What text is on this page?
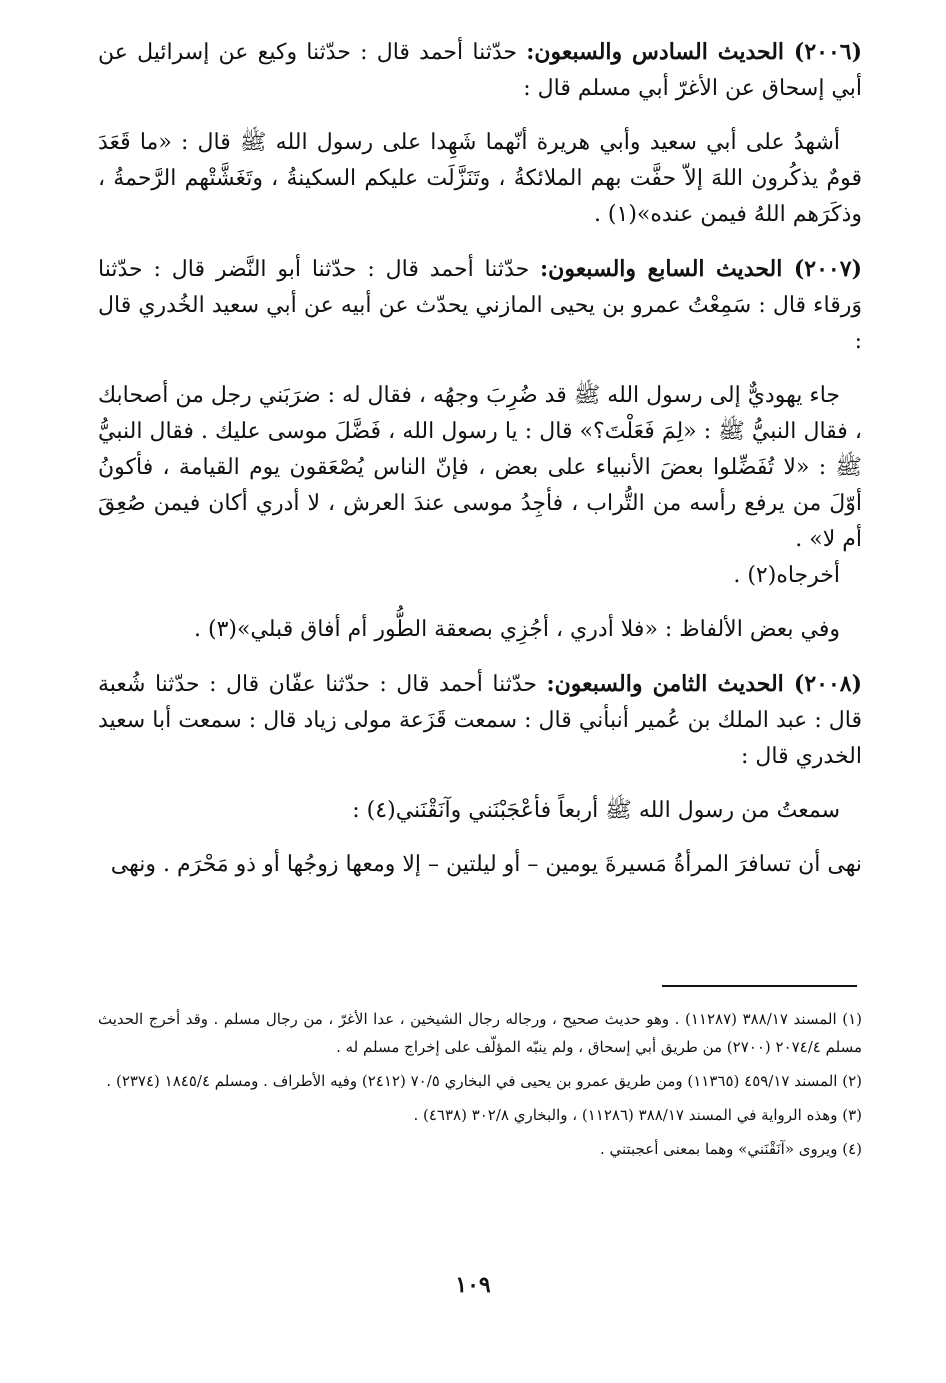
(٢٠٠٦) الحديث السادس والسبعون: حدّثنا أحمد قال : حدّثنا وكيع عن إسرائيل عن أبي إسحاق عن الأغرّ أبي مسلم قال :

أشهدُ على أبي سعيد وأبي هريرة أنّهما شَهِدا على رسول الله ﷺ قال : «ما قَعَدَ قومٌ يذكُرون اللهَ إلاّ حفَّت بهم الملائكةُ ، وتَنَزَّلَت عليكم السكينةُ ، وتَغَشَّتْهم الرَّحمةُ ، وذكَرَهم اللهُ فيمن عنده»(١) .

(٢٠٠٧) الحديث السابع والسبعون: حدّثنا أحمد قال : حدّثنا أبو النَّضر قال : حدّثنا وَرقاء قال : سَمِعْتُ عمرو بن يحيى المازني يحدّث عن أبيه عن أبي سعيد الخُدري قال :

جاء يهوديٌّ إلى رسول الله ﷺ قد ضُرِبَ وجهُه ، فقال له : ضرَبَني رجل من أصحابك ، فقال النبيُّ ﷺ : «لِمَ فَعَلْتَ؟» قال : يا رسول الله ، فَضَّلَ موسى عليك . فقال النبيُّ ﷺ : «لا تُفَضِّلوا بعضَ الأنبياء على بعض ، فإنّ الناس يُصْعَقون يوم القيامة ، فأكونُ أوّلَ من يرفع رأسه من التُّراب ، فأجِدُ موسى عندَ العرش ، لا أدري أكان فيمن صُعِقَ أم لا» .

أخرجاه(٢) .

وفي بعض الألفاظ : «فلا أدري ، أجُزِي بصعقة الطُّور أم أفاق قبلي»(٣) .

(٢٠٠٨) الحديث الثامن والسبعون: حدّثنا أحمد قال : حدّثنا عفّان قال : حدّثنا شُعبة قال : عبد الملك بن عُمير أنبأني قال : سمعت قَزَعة مولى زياد قال : سمعت أبا سعيد الخدري قال :

سمعتُ من رسول الله ﷺ أربعاً فأعْجَبْنَني وآنَقْنَني(٤) :

نهى أن تسافرَ المرأةُ مَسيرةَ يومين – أو ليلتين – إلا ومعها زوجُها أو ذو مَحْرَم . ونهى

(١) المسند ٣٨٨/١٧ (١١٢٨٧) . وهو حديث صحيح ، ورجاله رجال الشيخين ، عدا الأغرّ ، من رجال مسلم . وقد أخرج الحديث مسلم ٢٠٧٤/٤ (٢٧٠٠) من طريق أبي إسحاق ، ولم ينبّه المؤلّف على إخراج مسلم له .

(٢) المسند ٤٥٩/١٧ (١١٣٦٥) ومن طريق عمرو بن يحيى في البخاري ٧٠/٥ (٢٤١٢) وفيه الأطراف . ومسلم ١٨٤٥/٤ (٢٣٧٤) .

(٣) وهذه الرواية في المسند ٣٨٨/١٧ (١١٢٨٦) ، والبخاري ٣٠٢/٨ (٤٦٣٨) .

(٤) ويروى «آنَقْنَني» وهما بمعنى أعجبتني .

١٠٩
